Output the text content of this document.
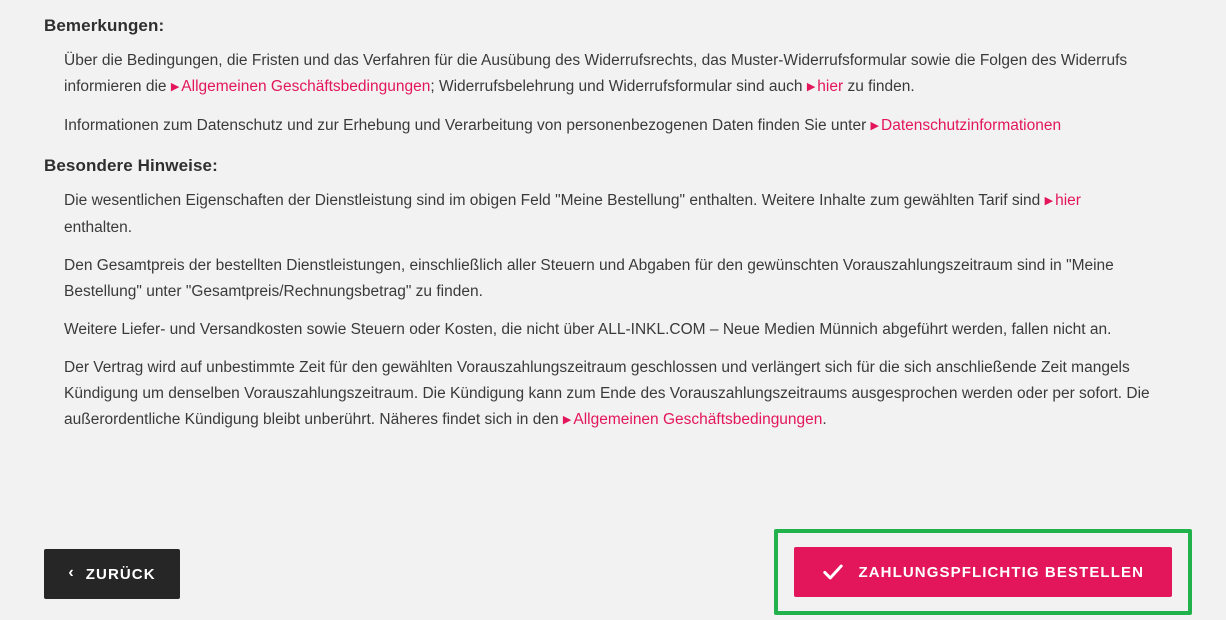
Bemerkungen:

Über die Bedingungen, die Fristen und das Verfahren für die Ausübung des Widerrufsrechts, das Muster-Widerrufsformular sowie die Folgen des Widerrufs informieren die ▶ Allgemeinen Geschäftsbedingungen; Widerrufsbelehrung und Widerrufsformular sind auch ▶ hier zu finden.

Informationen zum Datenschutz und zur Erhebung und Verarbeitung von personenbezogenen Daten finden Sie unter ▶ Datenschutzinformationen

Besondere Hinweise:

Die wesentlichen Eigenschaften der Dienstleistung sind im obigen Feld "Meine Bestellung" enthalten. Weitere Inhalte zum gewählten Tarif sind ▶ hier enthalten.

Den Gesamtpreis der bestellten Dienstleistungen, einschließlich aller Steuern und Abgaben für den gewünschten Vorauszahlungszeitraum sind in "Meine Bestellung" unter "Gesamtpreis/Rechnungsbetrag" zu finden.

Weitere Liefer- und Versandkosten sowie Steuern oder Kosten, die nicht über ALL-INKL.COM – Neue Medien Münnich abgeführt werden, fallen nicht an.

Der Vertrag wird auf unbestimmte Zeit für den gewählten Vorauszahlungszeitraum geschlossen und verlängert sich für die sich anschließende Zeit mangels Kündigung um denselben Vorauszahlungszeitraum. Die Kündigung kann zum Ende des Vorauszahlungszeitraums ausgesprochen werden oder per sofort. Die außerordentliche Kündigung bleibt unberührt. Näheres findet sich in den ▶ Allgemeinen Geschäftsbedingungen.

‹ ZURÜCK	ZAHLUNGSPFLICHTIG BESTELLEN
